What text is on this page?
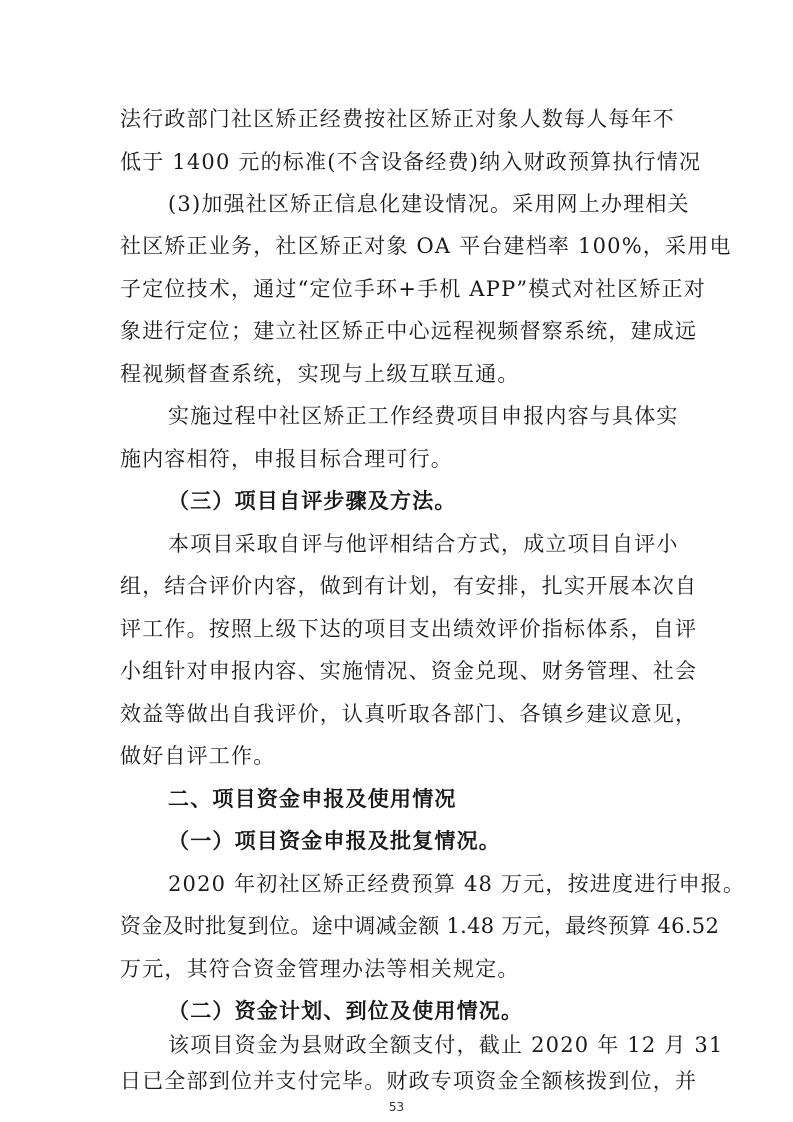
法行政部门社区矫正经费按社区矫正对象人数每人每年不
低于 1400 元的标准(不含设备经费)纳入财政预算执行情况
(3)加强社区矫正信息化建设情况。采用网上办理相关
社区矫正业务，社区矫正对象 OA 平台建档率 100%，采用电
子定位技术，通过“定位手环+手机 APP”模式对社区矫正对
象进行定位；建立社区矫正中心远程视频督察系统，建成远
程视频督查系统，实现与上级互联互通。
实施过程中社区矫正工作经费项目申报内容与具体实
施内容相符，申报目标合理可行。
（三）项目自评步骤及方法。
本项目采取自评与他评相结合方式，成立项目自评小
组，结合评价内容，做到有计划，有安排，扎实开展本次自
评工作。按照上级下达的项目支出绩效评价指标体系，自评
小组针对申报内容、实施情况、资金兑现、财务管理、社会
效益等做出自我评价，认真听取各部门、各镇乡建议意见，
做好自评工作。
二、项目资金申报及使用情况
（一）项目资金申报及批复情况。
2020 年初社区矫正经费预算 48 万元，按进度进行申报。
资金及时批复到位。途中调减金额 1.48 万元，最终预算 46.52
万元，其符合资金管理办法等相关规定。
（二）资金计划、到位及使用情况。
该项目资金为县财政全额支付，截止 2020 年 12 月 31
日已全部到位并支付完毕。财政专项资金全额核拨到位，并
53
